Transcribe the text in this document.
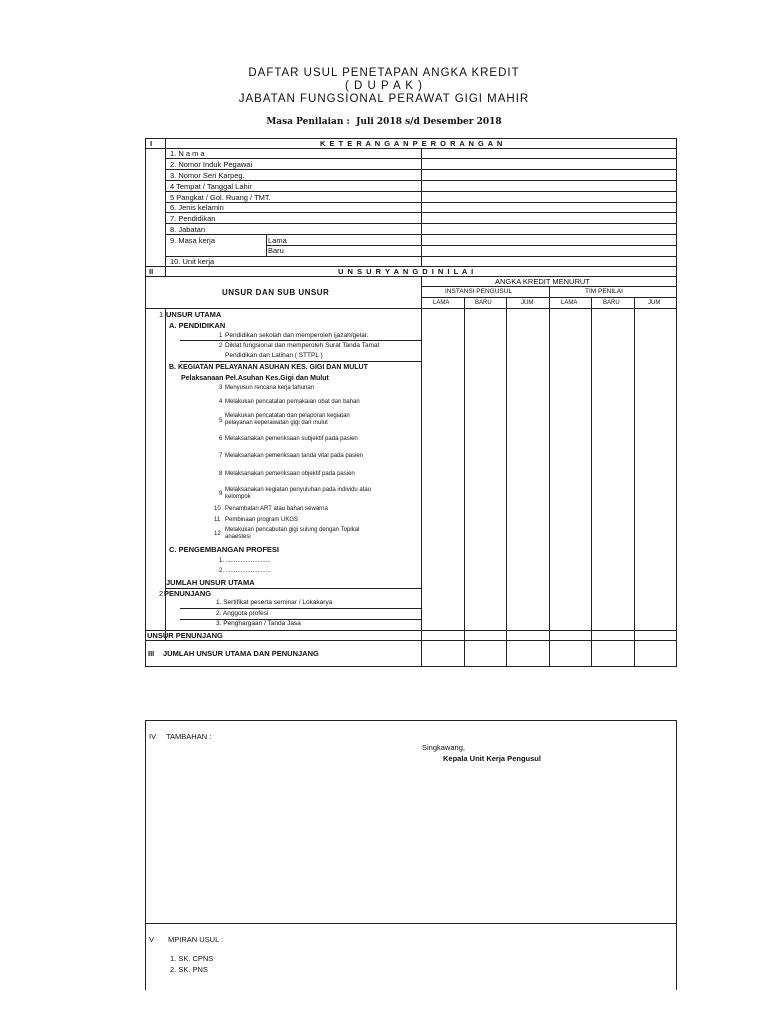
DAFTAR USUL PENETAPAN ANGKA KREDIT
( D U P A K )
JABATAN FUNGSIONAL PERAWAT GIGI MAHIR
Masa Penilaian : Juli 2018 s/d Desember 2018
I	K E T E R A N G A N P E R O R A N G A N
1. N a m a
2. Nomor Induk Pegawai
3. Nomor Seri Karpeg.
4 Tempat / Tanggal Lahir
5 Pangkat / Gol. Ruang / TMT.
6. Jenis kelamin
7. Pendidikan
8. Jabatan
9. Masa kerja	Lama
Baru
10. Unit kerja
II	U N S U R Y A N G D I N I L A I
UNSUR DAN SUB UNSUR
ANGKA KREDIT MENURUT
INSTANSI PENGUSUL	TIM PENILAI
LAMA	BARU	JUM	LAMA	BARU	JUM
1 UNSUR UTAMA
A. PENDIDIKAN
1 Pendidikan sekolah dan memperoleh ijazah/gelar.
2 Diklat fungsional dan memperoleh Surat Tanda Tamat
Pendidikan dan Latihan ( STTPL )
B. KEGIATAN PELAYANAN ASUHAN KES. GIGI DAN MULUT
Pelaksanaan Pel.Asuhan Kes.Gigi dan Mulut
3 Menyusun rencana kerja tahunan
4 Melakukan pencatatan pemakaian obat dan bahan
5
Melakukan pencatatan dan pelaporan kegiatan
pelayanan keperawatan gigi dan mulut
6 Melaksanakan pemeriksaan subjektif pada pasien
7 Melaksanakan pemeriksaan tanda vital pada pasien
8 Melaksanakan pemeriksaan objektif pada pasien
9
Melaksanakan kegiatan penyuluhan pada individu atau
kelompok
10 Penambalan ART atau bahan sewarna
11 Pembinaan program UKGS
12
Melakukan pencabutan gigi sulung dengan Topikal
anaestesi
C. PENGEMBANGAN PROFESI
1. ...........................
2. ...........................
JUMLAH UNSUR UTAMA
2 PENUNJANG
1. Sertifikat peserta seminar / Lokakarya
2. Anggota profesi
3. Penghargaan / Tanda Jasa
UNSUR PENUNJANG
III JUMLAH UNSUR UTAMA DAN PENUNJANG
IV TAMBAHAN :
Singkawang,
Kepala Unit Kerja Pengusul
V MPIRAN USUL :
1. SK. CPNS
2. SK. PNS
